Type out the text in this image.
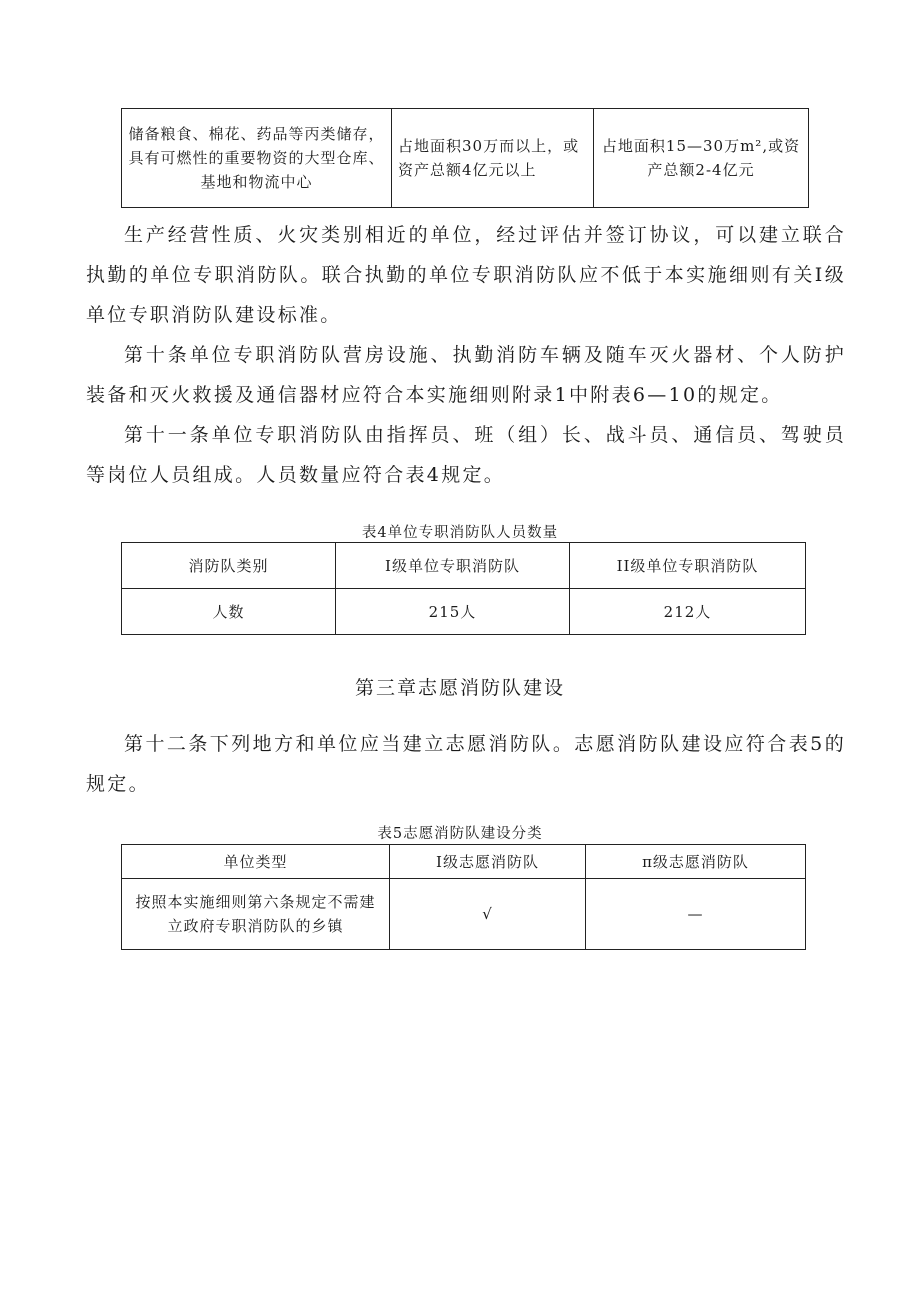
储备粮食、棉花、药品等丙类储存，具有可燃性的重要物资的大型仓库、基地和物流中心	占地面积30万而以上，或资产总额4亿元以上	占地面积15—30万m²,或资产总额2-4亿元

生产经营性质、火灾类别相近的单位，经过评估并签订协议，可以建立联合执勤的单位专职消防队。联合执勤的单位专职消防队应不低于本实施细则有关Ⅰ级单位专职消防队建设标准。

第十条单位专职消防队营房设施、执勤消防车辆及随车灭火器材、个人防护装备和灭火救援及通信器材应符合本实施细则附录1中附表6—10的规定。

第十一条单位专职消防队由指挥员、班（组）长、战斗员、通信员、驾驶员等岗位人员组成。人员数量应符合表4规定。

表4单位专职消防队人员数量

消防队类别	I级单位专职消防队	II级单位专职消防队
人数	215人	212人

第三章志愿消防队建设

第十二条下列地方和单位应当建立志愿消防队。志愿消防队建设应符合表5的规定。

表5志愿消防队建设分类

单位类型	I级志愿消防队	π级志愿消防队
按照本实施细则第六条规定不需建立政府专职消防队的乡镇	√	—
